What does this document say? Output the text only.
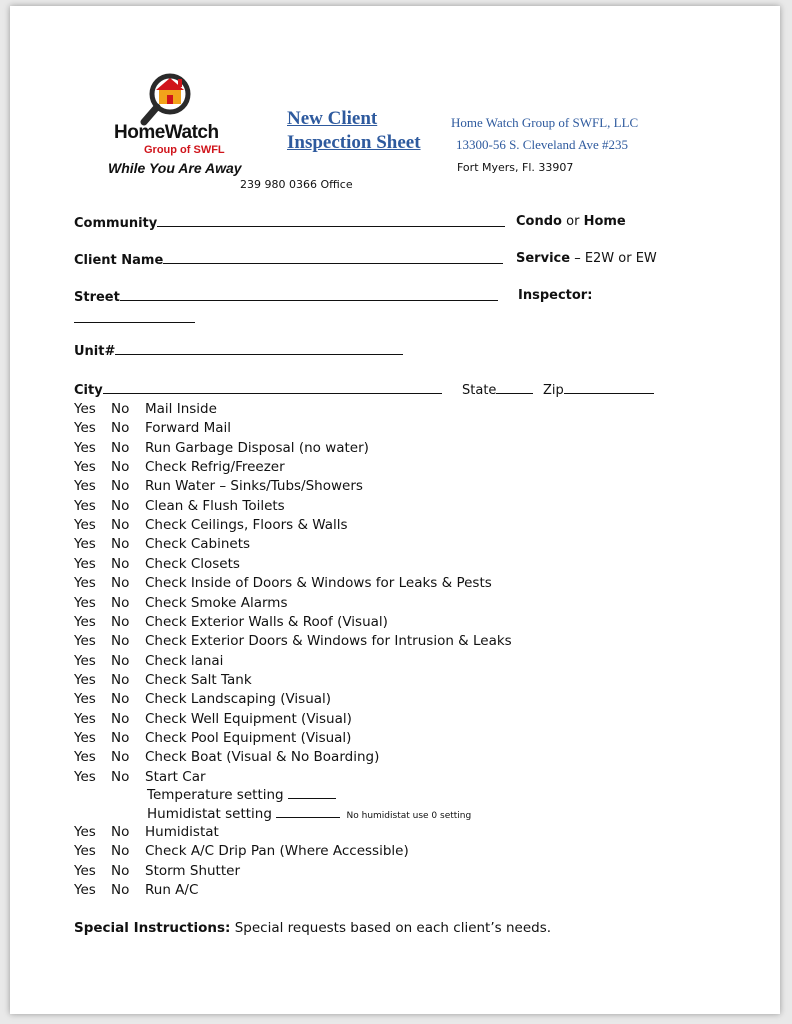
HomeWatch
Group of SWFL
While You Are Away
239 980 0366 Office
New Client
Inspection Sheet
Home Watch Group of SWFL, LLC
13300-56 S. Cleveland Ave #235
Fort Myers, Fl. 33907
Community	Condo or Home
Client Name	Service – E2W or EW
Street	Inspector:
Unit#
City	State	Zip
Yes No Mail Inside
Yes No Forward Mail
Yes No Run Garbage Disposal (no water)
Yes No Check Refrig/Freezer
Yes No Run Water – Sinks/Tubs/Showers
Yes No Clean & Flush Toilets
Yes No Check Ceilings, Floors & Walls
Yes No Check Cabinets
Yes No Check Closets
Yes No Check Inside of Doors & Windows for Leaks & Pests
Yes No Check Smoke Alarms
Yes No Check Exterior Walls & Roof (Visual)
Yes No Check Exterior Doors & Windows for Intrusion & Leaks
Yes No Check lanai
Yes No Check Salt Tank
Yes No Check Landscaping (Visual)
Yes No Check Well Equipment (Visual)
Yes No Check Pool Equipment (Visual)
Yes No Check Boat (Visual & No Boarding)
Yes No Start Car
Temperature setting
Humidistat setting	No humidistat use 0 setting
Yes No Humidistat
Yes No Check A/C Drip Pan (Where Accessible)
Yes No Storm Shutter
Yes No Run A/C
Special Instructions: Special requests based on each client’s needs.
